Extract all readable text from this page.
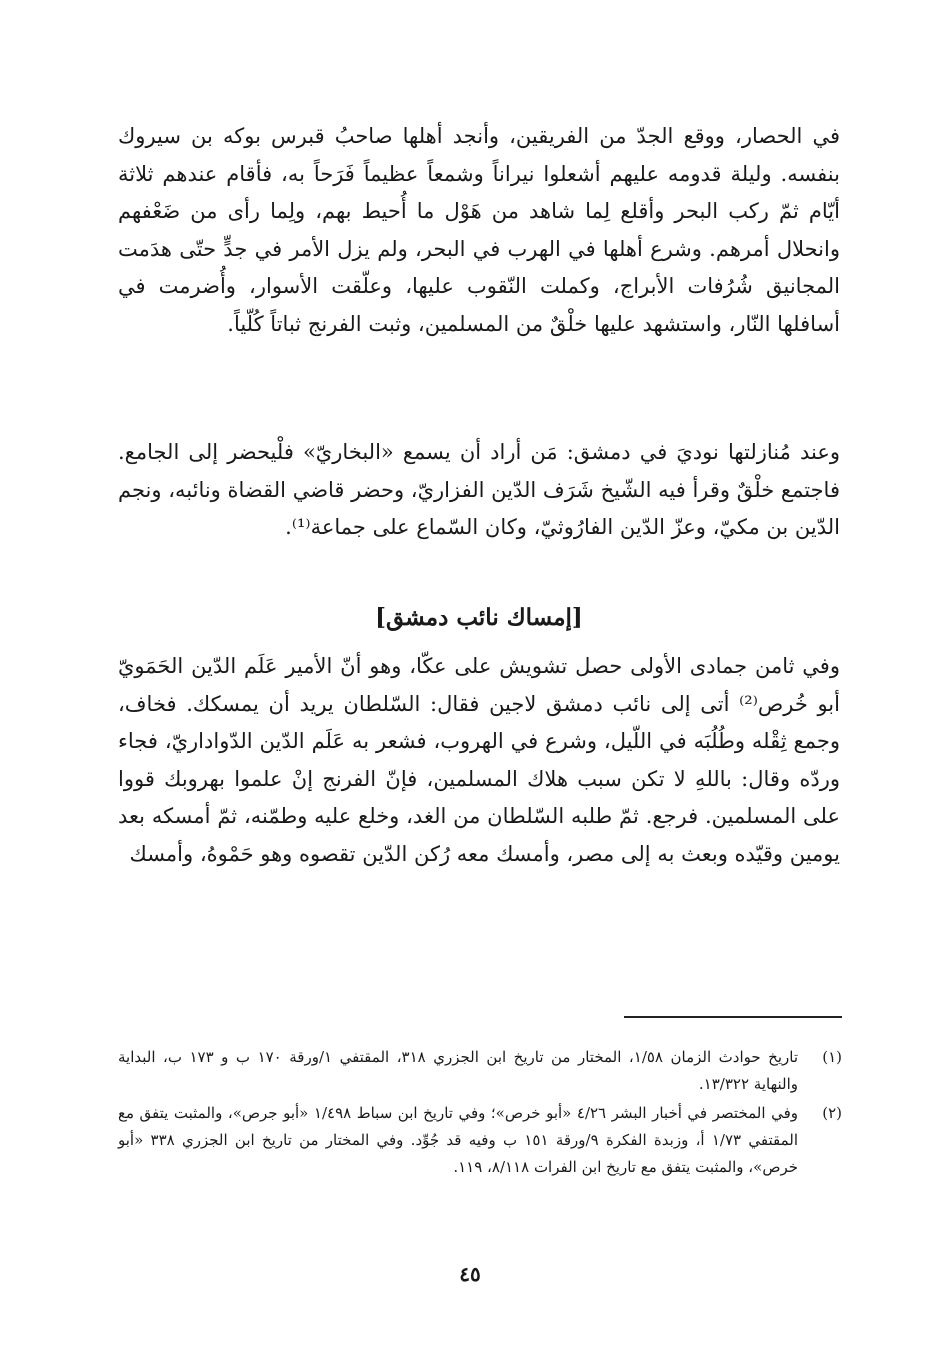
في الحصار، ووقع الجدّ من الفريقين، وأنجد أهلها صاحبُ قبرس بوكه بن سيروك بنفسه. وليلة قدومه عليهم أشعلوا نيراناً وشمعاً عظيماً فَرَحاً به، فأقام عندهم ثلاثة أيّام ثمّ ركب البحر وأقلع لِما شاهد من هَوْل ما أُحيط بهم، ولِما رأى من ضَعْفهم وانحلال أمرهم. وشرع أهلها في الهرب في البحر، ولم يزل الأمر في جدٍّ حتّى هدَمت المجانيق شُرُفات الأبراج، وكملت النّقوب عليها، وعلّقت الأسوار، وأُضرمت في أسافلها النّار، واستشهد عليها خلْقٌ من المسلمين، وثبت الفرنج ثباتاً كُلّياً.

وعند مُنازلتها نوديَ في دمشق: مَن أراد أن يسمع «البخاريّ» فلْيحضر إلى الجامع. فاجتمع خلْقٌ وقرأ فيه الشّيخ شَرَف الدّين الفزاريّ، وحضر قاضي القضاة ونائبه، ونجم الدّين بن مكيّ، وعزّ الدّين الفارُوثيّ، وكان السّماع على جماعة⁽¹⁾.

[إمساك نائب دمشق]

وفي ثامن جمادى الأولى حصل تشويش على عكّا، وهو أنّ الأمير عَلَم الدّين الحَمَويّ أبو خُرص⁽²⁾ أتى إلى نائب دمشق لاجين فقال: السّلطان يريد أن يمسكك. فخاف، وجمع ثِقْله وطُلُبَه في اللّيل، وشرع في الهروب، فشعر به عَلَم الدّين الدّواداريّ، فجاء وردّه وقال: باللهِ لا تكن سبب هلاك المسلمين، فإنّ الفرنج إنْ علموا بهروبك قووا على المسلمين. فرجع. ثمّ طلبه السّلطان من الغد، وخلع عليه وطمّنه، ثمّ أمسكه بعد يومين وقيّده وبعث به إلى مصر، وأمسك معه رُكن الدّين تقصوه وهو حَمْوهُ، وأمسك

(١)
تاريخ حوادث الزمان ١/٥٨، المختار من تاريخ ابن الجزري ٣١٨، المقتفي ١/ورقة ١٧٠ ب و ١٧٣ ب، البداية والنهاية ١٣/٣٢٢.
(٢)
وفي المختصر في أخبار البشر ٤/٢٦ «أبو خرص»؛ وفي تاريخ ابن سباط ١/٤٩٨ «أبو جرص»، والمثبت يتفق مع المقتفي ١/٧٣ أ، وزبدة الفكرة ٩/ورقة ١٥١ ب وفيه قد جُوِّد. وفي المختار من تاريخ ابن الجزري ٣٣٨ «أبو خرص»، والمثبت يتفق مع تاريخ ابن الفرات ٨/١١٨، ١١٩.
٤٥
